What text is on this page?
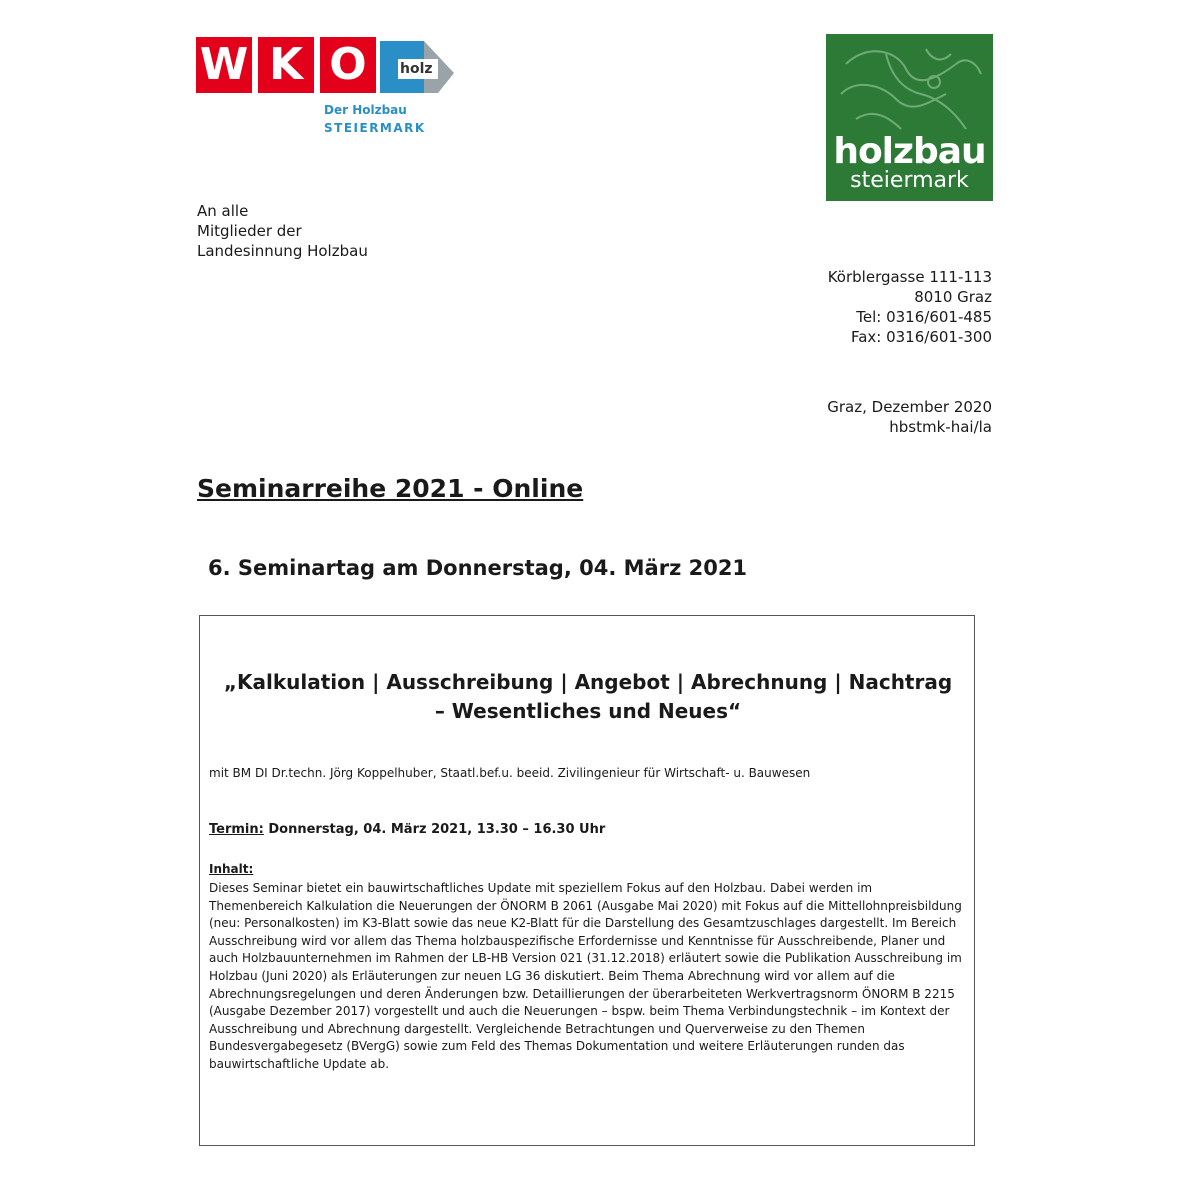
W K O	holz
Der Holzbau
STEIERMARK
holzbau
steiermark
An alle
Mitglieder der
Landesinnung Holzbau
Körblergasse 111-113
8010 Graz
Tel: 0316/601-485
Fax: 0316/601-300
Graz, Dezember 2020
hbstmk-hai/la
Seminarreihe 2021 - Online
6. Seminartag am Donnerstag, 04. März 2021
„Kalkulation | Ausschreibung | Angebot | Abrechnung | Nachtrag
– Wesentliches und Neues“
mit BM DI Dr.techn. Jörg Koppelhuber, Staatl.bef.u. beeid. Zivilingenieur für Wirtschaft- u. Bauwesen
Termin: Donnerstag, 04. März 2021, 13.30 – 16.30 Uhr
Inhalt:
Dieses Seminar bietet ein bauwirtschaftliches Update mit speziellem Fokus auf den Holzbau. Dabei werden im Themenbereich Kalkulation die Neuerungen der ÖNORM B 2061 (Ausgabe Mai 2020) mit Fokus auf die Mittellohnpreisbildung (neu: Personalkosten) im K3-Blatt sowie das neue K2-Blatt für die Darstellung des Gesamtzuschlages dargestellt. Im Bereich Ausschreibung wird vor allem das Thema holzbauspezifische Erfordernisse und Kenntnisse für Ausschreibende, Planer und auch Holzbauunternehmen im Rahmen der LB-HB Version 021 (31.12.2018) erläutert sowie die Publikation Ausschreibung im Holzbau (Juni 2020) als Erläuterungen zur neuen LG 36 diskutiert. Beim Thema Abrechnung wird vor allem auf die Abrechnungsregelungen und deren Änderungen bzw. Detaillierungen der überarbeiteten Werkvertragsnorm ÖNORM B 2215 (Ausgabe Dezember 2017) vorgestellt und auch die Neuerungen – bspw. beim Thema Verbindungstechnik – im Kontext der Ausschreibung und Abrechnung dargestellt. Vergleichende Betrachtungen und Querverweise zu den Themen Bundesvergabegesetz (BVergG) sowie zum Feld des Themas Dokumentation und weitere Erläuterungen runden das bauwirtschaftliche Update ab.
